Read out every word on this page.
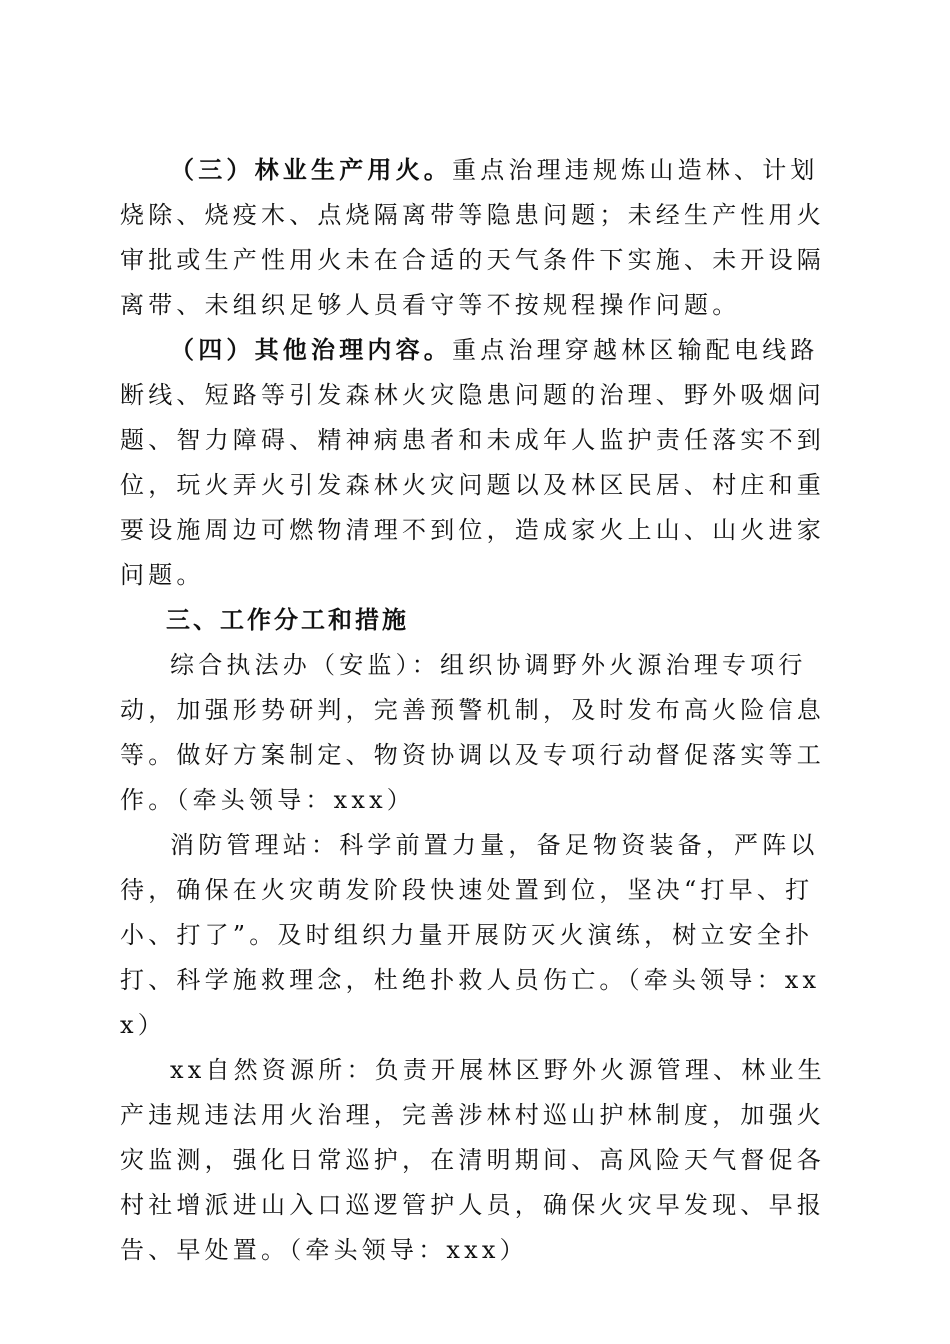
（三）林业生产用火。重点治理违规炼山造林、计划烧除、烧疫木、点烧隔离带等隐患问题；未经生产性用火审批或生产性用火未在合适的天气条件下实施、未开设隔离带、未组织足够人员看守等不按规程操作问题。

（四）其他治理内容。重点治理穿越林区输配电线路断线、短路等引发森林火灾隐患问题的治理、野外吸烟问题、智力障碍、精神病患者和未成年人监护责任落实不到位，玩火弄火引发森林火灾问题以及林区民居、村庄和重要设施周边可燃物清理不到位，造成家火上山、山火进家问题。

三、工作分工和措施

综合执法办（安监）：组织协调野外火源治理专项行动，加强形势研判，完善预警机制，及时发布高火险信息等。做好方案制定、物资协调以及专项行动督促落实等工作。（牵头领导：xxx）

消防管理站：科学前置力量，备足物资装备，严阵以待，确保在火灾萌发阶段快速处置到位，坚决“打早、打小、打了”。及时组织力量开展防灭火演练，树立安全扑打、科学施救理念，杜绝扑救人员伤亡。（牵头领导：xxx）

xx自然资源所：负责开展林区野外火源管理、林业生产违规违法用火治理，完善涉林村巡山护林制度，加强火灾监测，强化日常巡护，在清明期间、高风险天气督促各村社增派进山入口巡逻管护人员，确保火灾早发现、早报告、早处置。（牵头领导：xxx）
